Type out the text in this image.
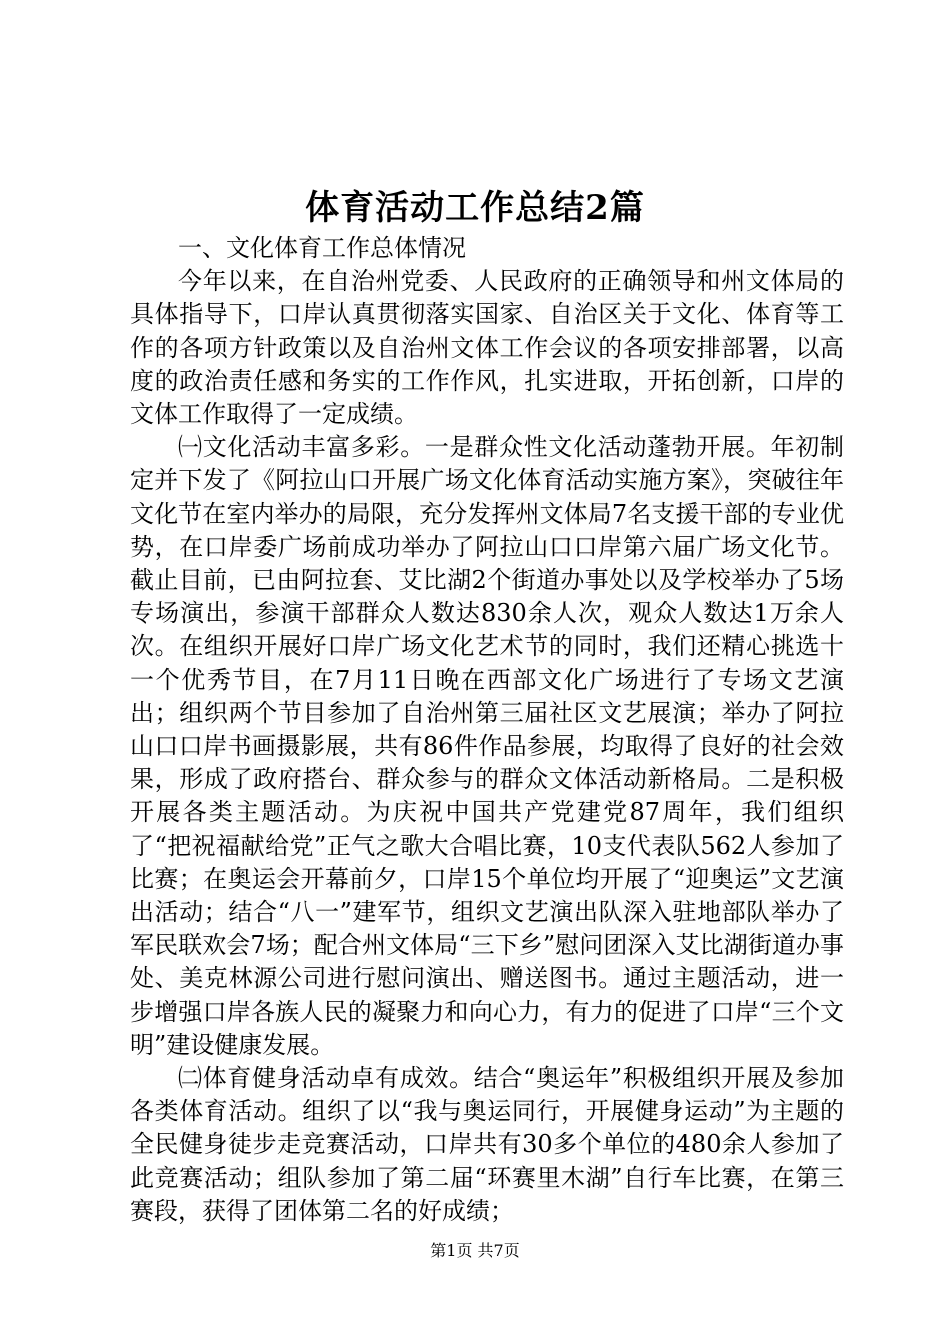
体育活动工作总结2篇

一、文化体育工作总体情况

今年以来，在自治州党委、人民政府的正确领导和州文体局的具体指导下，口岸认真贯彻落实国家、自治区关于文化、体育等工作的各项方针政策以及自治州文体工作会议的各项安排部署，以高度的政治责任感和务实的工作作风，扎实进取，开拓创新，口岸的文体工作取得了一定成绩。

㈠文化活动丰富多彩。一是群众性文化活动蓬勃开展。年初制定并下发了《阿拉山口开展广场文化体育活动实施方案》，突破往年文化节在室内举办的局限，充分发挥州文体局7名支援干部的专业优势，在口岸委广场前成功举办了阿拉山口口岸第六届广场文化节。截止目前，已由阿拉套、艾比湖2个街道办事处以及学校举办了5场专场演出，参演干部群众人数达830余人次，观众人数达1万余人次。在组织开展好口岸广场文化艺术节的同时，我们还精心挑选十一个优秀节目，在7月11日晚在西部文化广场进行了专场文艺演出；组织两个节目参加了自治州第三届社区文艺展演；举办了阿拉山口口岸书画摄影展，共有86件作品参展，均取得了良好的社会效果，形成了政府搭台、群众参与的群众文体活动新格局。二是积极开展各类主题活动。为庆祝中国共产党建党87周年，我们组织了“把祝福献给党”正气之歌大合唱比赛，10支代表队562人参加了比赛；在奥运会开幕前夕，口岸15个单位均开展了“迎奥运”文艺演出活动；结合“八一”建军节，组织文艺演出队深入驻地部队举办了军民联欢会7场；配合州文体局“三下乡”慰问团深入艾比湖街道办事处、美克林源公司进行慰问演出、赠送图书。通过主题活动，进一步增强口岸各族人民的凝聚力和向心力，有力的促进了口岸“三个文明”建设健康发展。

㈡体育健身活动卓有成效。结合“奥运年”积极组织开展及参加各类体育活动。组织了以“我与奥运同行，开展健身运动”为主题的全民健身徒步走竞赛活动，口岸共有30多个单位的480余人参加了此竞赛活动；组队参加了第二届“环赛里木湖”自行车比赛，在第三赛段，获得了团体第二名的好成绩；

第1页 共7页
